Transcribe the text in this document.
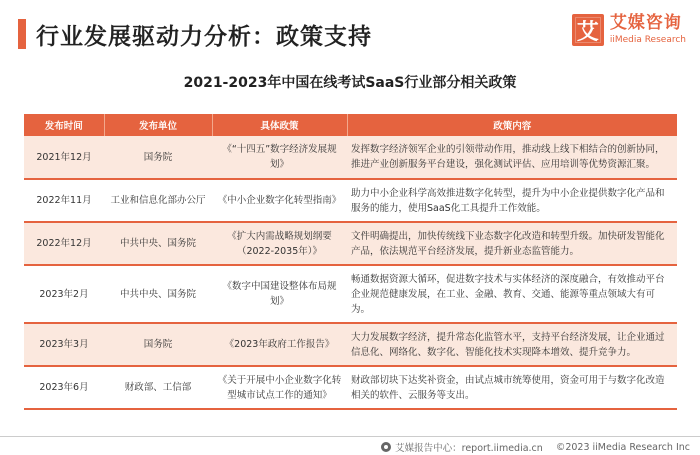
行业发展驱动力分析：政策支持	艾 艾媒咨询
iiMedia Research
2021-2023年中国在线考试SaaS行业部分相关政策
发布时间	发布单位	具体政策	政策内容
2021年12月	国务院	《“十四五”数字经济发展规划》	发挥数字经济领军企业的引领带动作用，推动线上线下相结合的创新协同，推进产业创新服务平台建设，强化测试评估、应用培训等优势资源汇聚。
2022年11月	工业和信息化部办公厅	《中小企业数字化转型指南》	助力中小企业科学高效推进数字化转型，提升为中小企业提供数字化产品和服务的能力，使用SaaS化工具提升工作效能。
2022年12月	中共中央、国务院	《扩大内需战略规划纲要（2022-2035年）》	文件明确提出，加快传统线下业态数字化改造和转型升级。加快研发智能化产品，依法规范平台经济发展，提升新业态监管能力。
2023年2月	中共中央、国务院	《数字中国建设整体布局规划》	畅通数据资源大循环，促进数字技术与实体经济的深度融合，有效推动平台企业规范健康发展，在工业、金融、教育、交通、能源等重点领域大有可为。
2023年3月	国务院	《2023年政府工作报告》	大力发展数字经济，提升常态化监管水平，支持平台经济发展，让企业通过信息化、网络化、数字化、智能化技术实现降本增效、提升竞争力。
2023年6月	财政部、工信部	《关于开展中小企业数字化转型城市试点工作的通知》	财政部切块下达奖补资金，由试点城市统筹使用，资金可用于与数字化改造相关的软件、云服务等支出。
艾媒报告中心：report.iimedia.cn
©2023 iiMedia Research Inc
